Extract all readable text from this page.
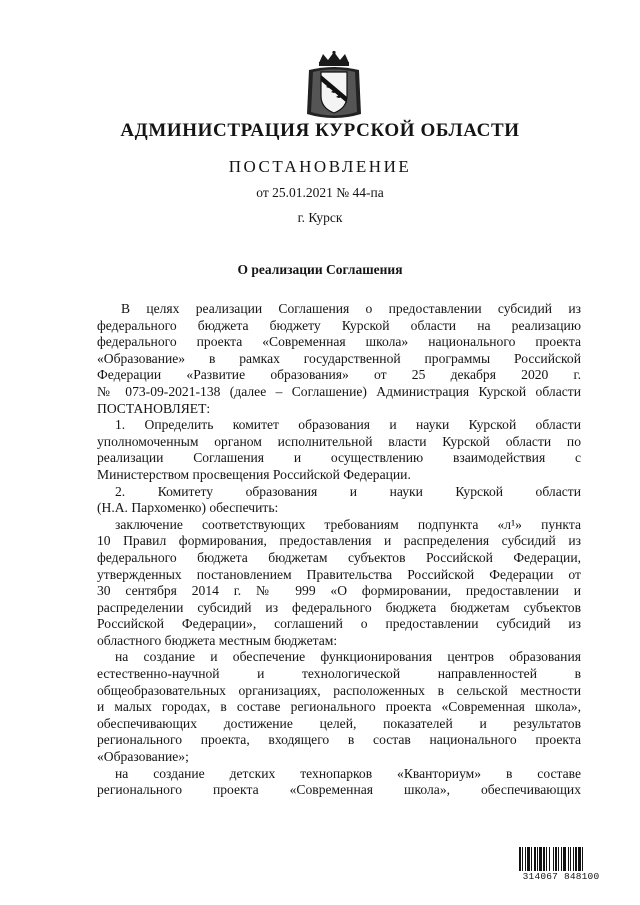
АДМИНИСТРАЦИЯ КУРСКОЙ ОБЛАСТИ
ПОСТАНОВЛЕНИЕ
от 25.01.2021 № 44-па
г. Курск
О реализации Соглашения
В целях реализации Соглашения о предоставлении субсидий из
федерального бюджета бюджету Курской области на реализацию
федерального проекта «Современная школа» национального проекта
«Образование» в рамках государственной программы Российской
Федерации «Развитие образования» от 25 декабря 2020 г.
№ 073-09-2021-138 (далее – Соглашение) Администрация Курской области
ПОСТАНОВЛЯЕТ:
1. Определить комитет образования и науки Курской области
уполномоченным органом исполнительной власти Курской области по
реализации Соглашения и осуществлению взаимодействия с
Министерством просвещения Российской Федерации.
2. Комитету образования и науки Курской области
(Н.А. Пархоменко) обеспечить:
заключение соответствующих требованиям подпункта «л¹» пункта
10 Правил формирования, предоставления и распределения субсидий из
федерального бюджета бюджетам субъектов Российской Федерации,
утвержденных постановлением Правительства Российской Федерации от
30 сентября 2014 г. № 999 «О формировании, предоставлении и
распределении субсидий из федерального бюджета бюджетам субъектов
Российской Федерации», соглашений о предоставлении субсидий из
областного бюджета местным бюджетам:
на создание и обеспечение функционирования центров образования
естественно-научной и технологической направленностей в
общеобразовательных организациях, расположенных в сельской местности
и малых городах, в составе регионального проекта «Современная школа»,
обеспечивающих достижение целей, показателей и результатов
регионального проекта, входящего в состав национального проекта
«Образование»;
на создание детских технопарков «Кванториум» в составе
регионального проекта «Современная школа», обеспечивающих
314067 848100
